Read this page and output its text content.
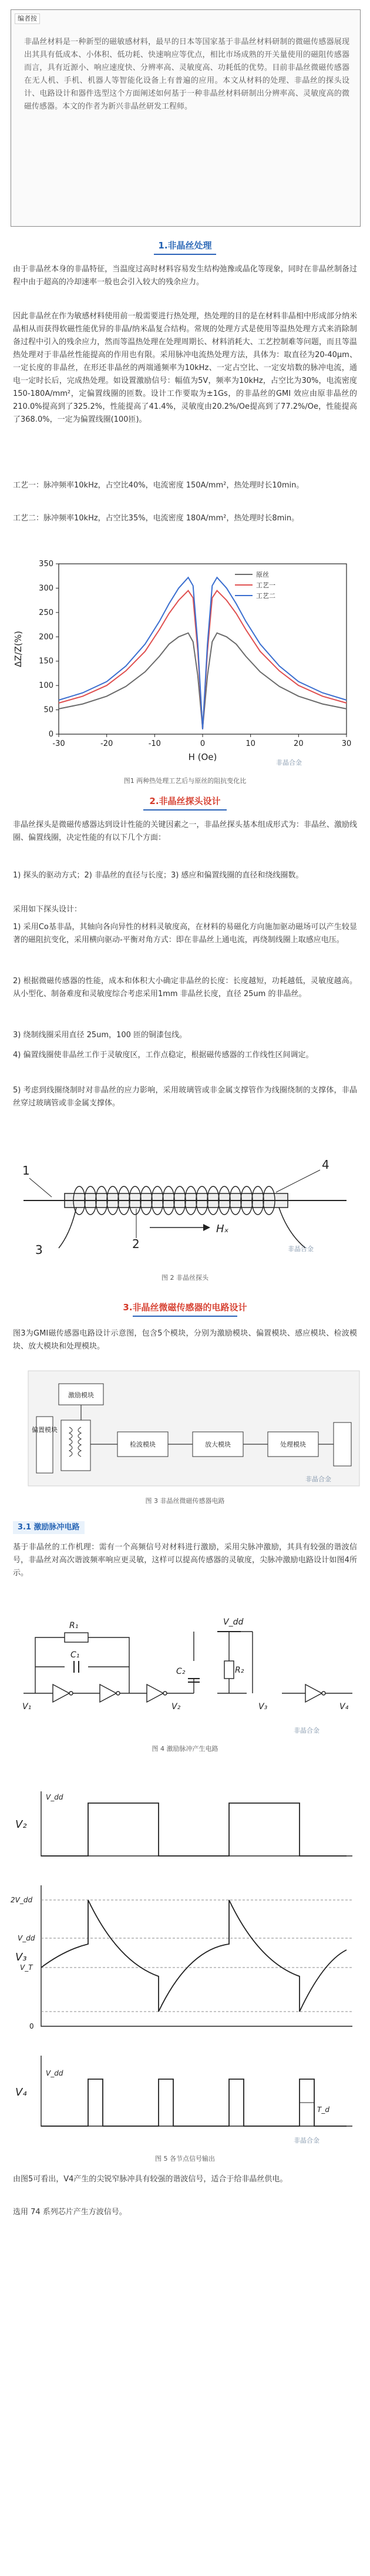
编者按
非晶丝材料是一种新型的磁敏感材料，最早的日本等国家基于非晶丝材料研制的微磁传感器展现出其具有低成本、小体积、低功耗、快速响应等优点，相比市场成熟的开关量使用的磁阻传感器而言，具有近源小、响应速度快、分辨率高、灵敏度高、功耗低的优势。目前非晶丝微磁传感器在无人机、手机、机器人等智能化设备上有普遍的应用。本文从材料的处理、非晶丝的探头设计、电路设计和器件选型这个方面阐述如何基于一种非晶丝材料研制出分辨率高、灵敏度高的微磁传感器。本文的作者为新兴非晶丝研发工程师。
1.非晶丝处理
由于非晶丝本身的非晶特征，当温度过高时材料容易发生结构弛豫或晶化等现象，同时在非晶丝制备过程中由于超高的冷却速率一般也会引入较大的残余应力。
因此非晶丝在作为敏感材料使用前一般需要进行热处理，热处理的目的是在材料非晶相中形成部分纳米晶相从而获得软磁性能优异的非晶/纳米晶复合结构。常规的处理方式是使用等温热处理方式来消除制备过程中引入的残余应力，然而等温热处理在处理周期长、材料消耗大、工艺控制难等问题，而且等温热处理对于非晶丝性能提高的作用也有限。采用脉冲电流热处理方法，具体为：取直径为20-40μm、一定长度的非晶丝，在形还非晶丝的两端通频率为10kHz、一定占空比、一定安培数的脉冲电流，通电一定时长后，完成热处理。如设置激励信号：幅值为5V，频率为10kHz，占空比为30%，电流密度150-180A/mm²，定偏置线圈的匝数。设计工作要取为±1Gs，的非晶丝的GMI 效应由原非晶丝的210.0%提高到了325.2%，性能提高了41.4%，灵敏度由20.2%/Oe提高到了77.2%/Oe，性能提高了368.0%，一定为偏置线圈(100匝)。
工艺一：脉冲频率10kHz，占空比40%，电流密度 150A/mm²，热处理时长10min。
工艺二：脉冲频率10kHz，占空比35%，电流密度 180A/mm²，热处理时长8min。
-30	-20	-10	0	10	20	30
0
50
100
150
200
250
300
350
H (Oe)
ΔZ/Z(%)
原丝
工艺一
工艺二
非晶合金
图1 两种热处理工艺后与原丝的阻抗变化比
2.非晶丝探头设计
非晶丝探头是微磁传感器达到设计性能的关键因素之一，非晶丝探头基本组成形式为：非晶丝、激励线圈、偏置线圈，决定性能的有以下几个方面：
1) 探头的驱动方式；2) 非晶丝的直径与长度；3) 感应和偏置线圈的直径和绕线圈数。
采用如下探头设计：
1) 采用Co基非晶，其轴向各向异性的材料灵敏度高，在材料的易磁化方向施加驱动磁场可以产生较显著的磁阻抗变化，采用横向驱动-平衡对角方式：即在非晶丝上通电流，再绕制线圈上取感应电压。
2) 根据微磁传感器的性能，成本和体积大小确定非晶丝的长度：长度越短，功耗越低，灵敏度越高。从小型化、制备难度和灵敏度综合考虑采用1mm 非晶丝长度，直径 25um 的非晶丝。
3) 绕制线圈采用直径 25um，100 匝的铜漆包线。
4) 偏置线圈使非晶丝工作于灵敏度区，工作点稳定，根据磁传感器的工作线性区间调定。
5) 考虑到线圈绕制时对非晶丝的应力影响，采用玻璃管或非金属支撑管作为线圈绕制的支撑体，非晶丝穿过玻璃管或非金属支撑体。
1
2
3
4
Hₓ
非晶合金
图 2 非晶丝探头
3.非晶丝微磁传感器的电路设计
图3为GMI磁传感器电路设计示意图，包含5个模块，分别为激励模块、偏置模块、感应模块、检波模块、放大模块和处理模块。
激励模块
偏置模块
检波模块	放大模块	处理模块
非晶合金
图 3 非晶丝微磁传感器电路
3.1 激励脉冲电路
基于非晶丝的工作机理：需有一个高频信号对材料进行激励，采用尖脉冲激励，其具有较强的谐波信号，非晶丝对高次谐波频率响应更灵敏，这样可以提高传感器的灵敏度，尖脉冲激励电路设计如图4所示。
R₁
C₁
R₂
V_dd
V₁	V₂	V₃	V₄
C₂
非晶合金
图 4 激励脉冲产生电路
V₂
V₃
V₄
V_dd
2V_dd
V_dd
V_T
0
V_dd
T_d
非晶合金
图 5 各节点信号输出
由图5可看出，V4产生的尖锐窄脉冲具有较强的谐波信号，适合于给非晶丝供电。
选用 74 系列芯片产生方波信号。
